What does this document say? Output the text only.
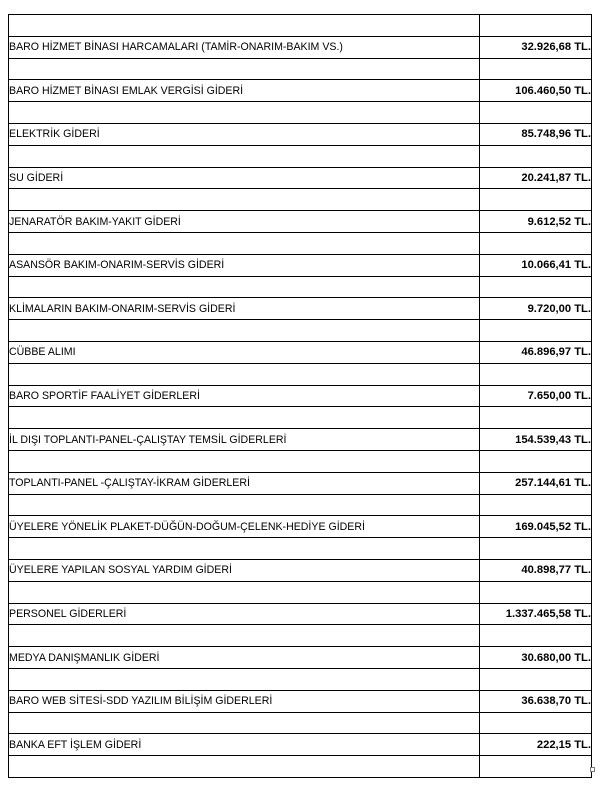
BARO HİZMET BİNASI HARCAMALARI (TAMİR-ONARIM-BAKIM VS.)	32.926,68 TL.

BARO HİZMET BİNASI EMLAK VERGİSİ GİDERİ	106.460,50 TL.

ELEKTRİK GİDERİ	85.748,96 TL.

SU GİDERİ	20.241,87 TL.

JENARATÖR BAKIM-YAKIT GİDERİ	9.612,52 TL.

ASANSÖR BAKIM-ONARIM-SERVİS GİDERİ	10.066,41 TL.

KLİMALARIN BAKIM-ONARIM-SERVİS GİDERİ	9.720,00 TL.

CÜBBE ALIMI	46.896,97 TL.

BARO SPORTİF FAALİYET GİDERLERİ	7.650,00 TL.

İL DIŞI TOPLANTI-PANEL-ÇALIŞTAY TEMSİL GİDERLERİ	154.539,43 TL.

TOPLANTI-PANEL -ÇALIŞTAY-İKRAM GİDERLERİ	257.144,61 TL.

ÜYELERE YÖNELİK PLAKET-DÜĞÜN-DOĞUM-ÇELENK-HEDİYE GİDERİ	169.045,52 TL.

ÜYELERE YAPILAN SOSYAL YARDIM GİDERİ	40.898,77 TL.

PERSONEL GİDERLERİ	1.337.465,58 TL.

MEDYA DANIŞMANLIK GİDERİ	30.680,00 TL.

BARO WEB SİTESİ-SDD YAZILIM BİLİŞİM GİDERLERİ	36.638,70 TL.

BANKA EFT İŞLEM GİDERİ	222,15 TL.
